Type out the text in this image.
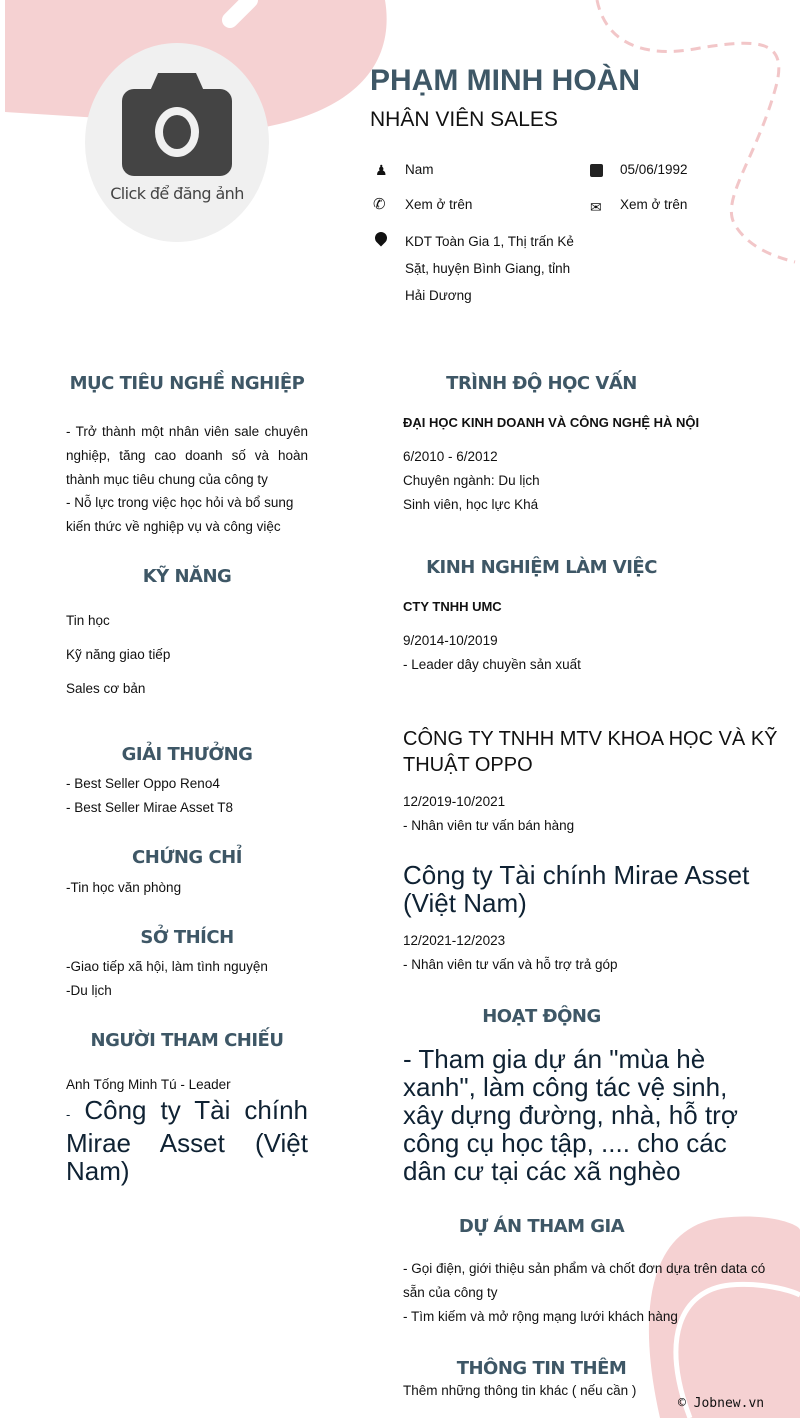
Click để đăng ảnh
PHẠM MINH HOÀN
NHÂN VIÊN SALES
♟ Nam	05/06/1992
✆ Xem ở trên	✉ Xem ở trên
KDT Toàn Gia 1, Thị trấn Kẻ Sặt, huyện Bình Giang, tỉnh Hải Dương
MỤC TIÊU NGHỀ NGHIỆP
- Trở thành một nhân viên sale chuyên nghiệp, tăng cao doanh số và hoàn thành mục tiêu chung của công ty
- Nỗ lực trong việc học hỏi và bổ sung kiến thức về nghiệp vụ và công việc
KỸ NĂNG
Tin học
Kỹ năng giao tiếp
Sales cơ bản
GIẢI THƯỞNG
- Best Seller Oppo Reno4
- Best Seller Mirae Asset T8
CHỨNG CHỈ
-Tin học văn phòng
SỞ THÍCH
-Giao tiếp xã hội, làm tình nguyện
-Du lịch
NGƯỜI THAM CHIẾU
Anh Tống Minh Tú - Leader
- Công ty Tài chính Mirae Asset (Việt Nam)
TRÌNH ĐỘ HỌC VẤN
ĐẠI HỌC KINH DOANH VÀ CÔNG NGHỆ HÀ NỘI
6/2010 - 6/2012
Chuyên ngành: Du lịch
Sinh viên, học lực Khá
KINH NGHIỆM LÀM VIỆC
CTY TNHH UMC
9/2014-10/2019
- Leader dây chuyền sản xuất
CÔNG TY TNHH MTV KHOA HỌC VÀ KỸ THUẬT OPPO
12/2019-10/2021
- Nhân viên tư vấn bán hàng
Công ty Tài chính Mirae Asset (Việt Nam)
12/2021-12/2023
- Nhân viên tư vấn và hỗ trợ trả góp
HOẠT ĐỘNG
- Tham gia dự án "mùa hè xanh", làm công tác vệ sinh, xây dựng đường, nhà, hỗ trợ công cụ học tập, .... cho các dân cư tại các xã nghèo
DỰ ÁN THAM GIA
- Gọi điện, giới thiệu sản phẩm và chốt đơn dựa trên data có sẵn của công ty
- Tìm kiếm và mở rộng mạng lưới khách hàng
THÔNG TIN THÊM
Thêm những thông tin khác ( nếu cần )
© Jobnew.vn
